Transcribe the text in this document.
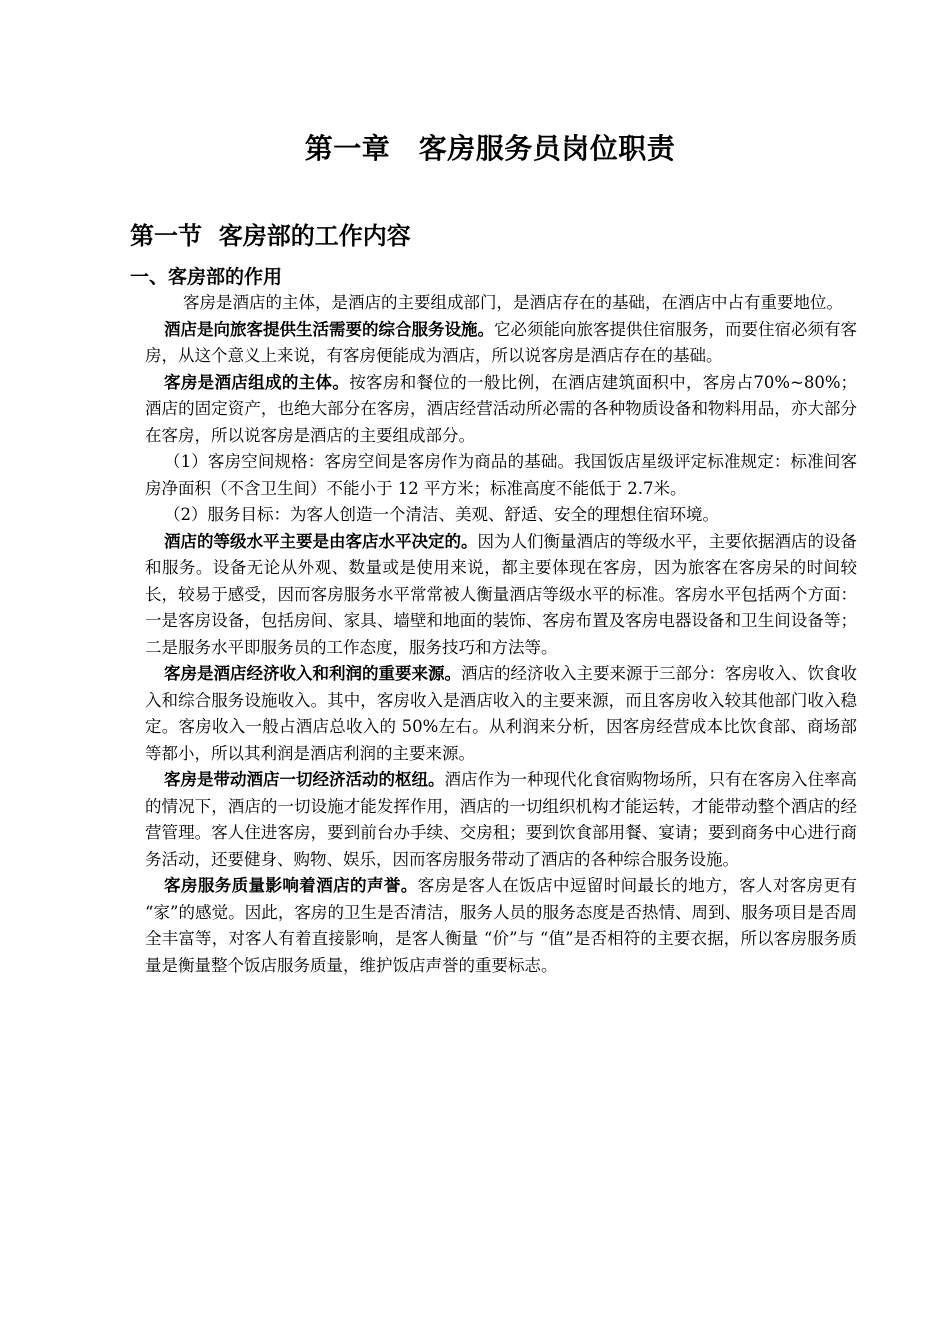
第一章　客房服务员岗位职责
第一节  客房部的工作内容
一、客房部的作用

客房是酒店的主体，是酒店的主要组成部门，是酒店存在的基础，在酒店中占有重要地位。

酒店是向旅客提供生活需要的综合服务设施。它必须能向旅客提供住宿服务，而要住宿必须有客房，从这个意义上来说，有客房便能成为酒店，所以说客房是酒店存在的基础。

客房是酒店组成的主体。按客房和餐位的一般比例，在酒店建筑面积中，客房占70%~80%；酒店的固定资产，也绝大部分在客房，酒店经营活动所必需的各种物质设备和物料用品，亦大部分在客房，所以说客房是酒店的主要组成部分。

（1）客房空间规格：客房空间是客房作为商品的基础。我国饭店星级评定标准规定：标准间客房净面积（不含卫生间）不能小于 12 平方米；标准高度不能低于 2.7米。

（2）服务目标：为客人创造一个清洁、美观、舒适、安全的理想住宿环境。

酒店的等级水平主要是由客店水平决定的。因为人们衡量酒店的等级水平，主要依据酒店的设备和服务。设备无论从外观、数量或是使用来说，都主要体现在客房，因为旅客在客房呆的时间较长，较易于感受，因而客房服务水平常常被人衡量酒店等级水平的标准。客房水平包括两个方面：一是客房设备，包括房间、家具、墙壁和地面的装饰、客房布置及客房电器设备和卫生间设备等；二是服务水平即服务员的工作态度，服务技巧和方法等。

客房是酒店经济收入和利润的重要来源。酒店的经济收入主要来源于三部分：客房收入、饮食收入和综合服务设施收入。其中，客房收入是酒店收入的主要来源，而且客房收入较其他部门收入稳定。客房收入一般占酒店总收入的 50%左右。从利润来分析，因客房经营成本比饮食部、商场部等都小，所以其利润是酒店利润的主要来源。

客房是带动酒店一切经济活动的枢纽。酒店作为一种现代化食宿购物场所，只有在客房入住率高的情况下，酒店的一切设施才能发挥作用，酒店的一切组织机构才能运转，才能带动整个酒店的经营管理。客人住进客房，要到前台办手续、交房租；要到饮食部用餐、宴请；要到商务中心进行商务活动，还要健身、购物、娱乐，因而客房服务带动了酒店的各种综合服务设施。

客房服务质量影响着酒店的声誉。客房是客人在饭店中逗留时间最长的地方，客人对客房更有 “家”的感觉。因此，客房的卫生是否清洁，服务人员的服务态度是否热情、周到、服务项目是否周全丰富等，对客人有着直接影响，是客人衡量 “价”与 “值”是否相符的主要衣据，所以客房服务质量是衡量整个饭店服务质量，维护饭店声誉的重要标志。
